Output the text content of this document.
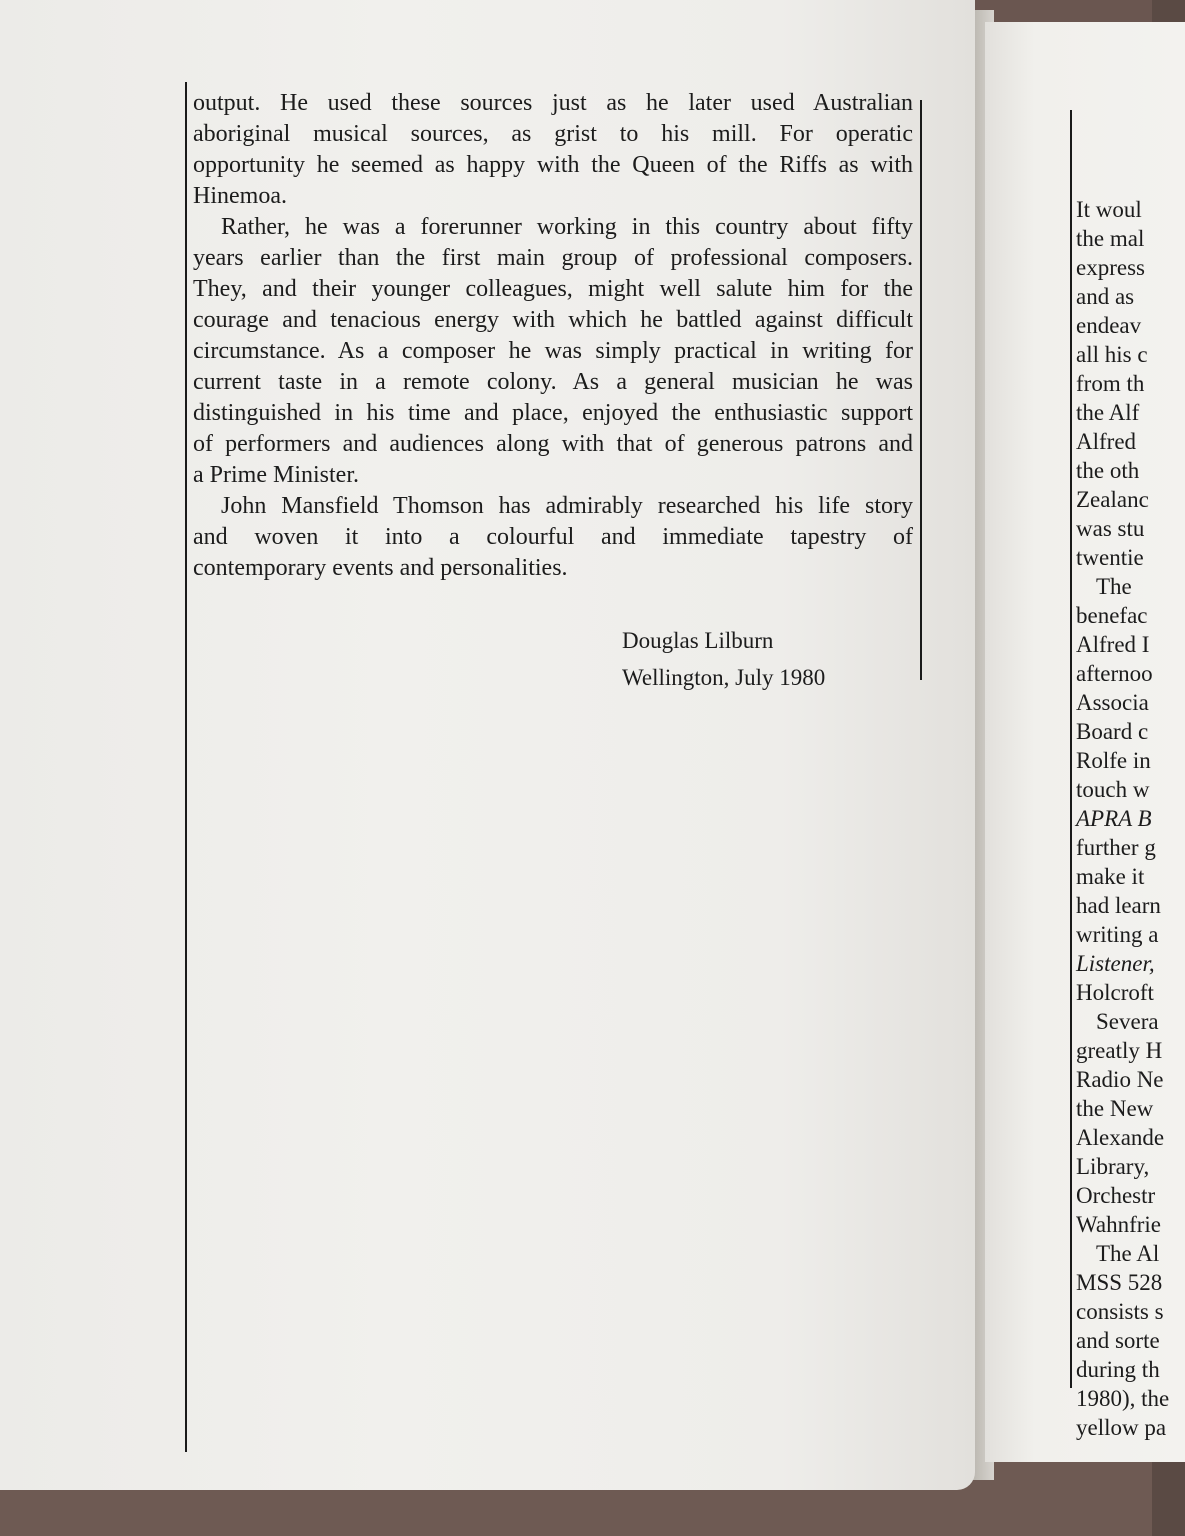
output. He used these sources just as he later used Australian
aboriginal musical sources, as grist to his mill. For operatic
opportunity he seemed as happy with the Queen of the Riffs as with
Hinemoa.
Rather, he was a forerunner working in this country about fifty
years earlier than the first main group of professional composers.
They, and their younger colleagues, might well salute him for the
courage and tenacious energy with which he battled against difficult
circumstance. As a composer he was simply practical in writing for
current taste in a remote colony. As a general musician he was
distinguished in his time and place, enjoyed the enthusiastic support
of performers and audiences along with that of generous patrons and
a Prime Minister.
John Mansfield Thomson has admirably researched his life story
and woven it into a colourful and immediate tapestry of
contemporary events and personalities.
Douglas Lilburn
Wellington, July 1980
It woul
the mal
express
and as
endeav
all his c
from th
the Alf
Alfred
the oth
Zealanc
was stu
twentie
The
benefac
Alfred I
afternoo
Associa
Board c
Rolfe in
touch w
APRA B
further g
make it
had learn
writing a
Listener,
Holcroft
Severa
greatly H
Radio Ne
the New
Alexande
Library,
Orchestr
Wahnfrie
The Al
MSS 528
consists s
and sorte
during th
1980), the
yellow pa
